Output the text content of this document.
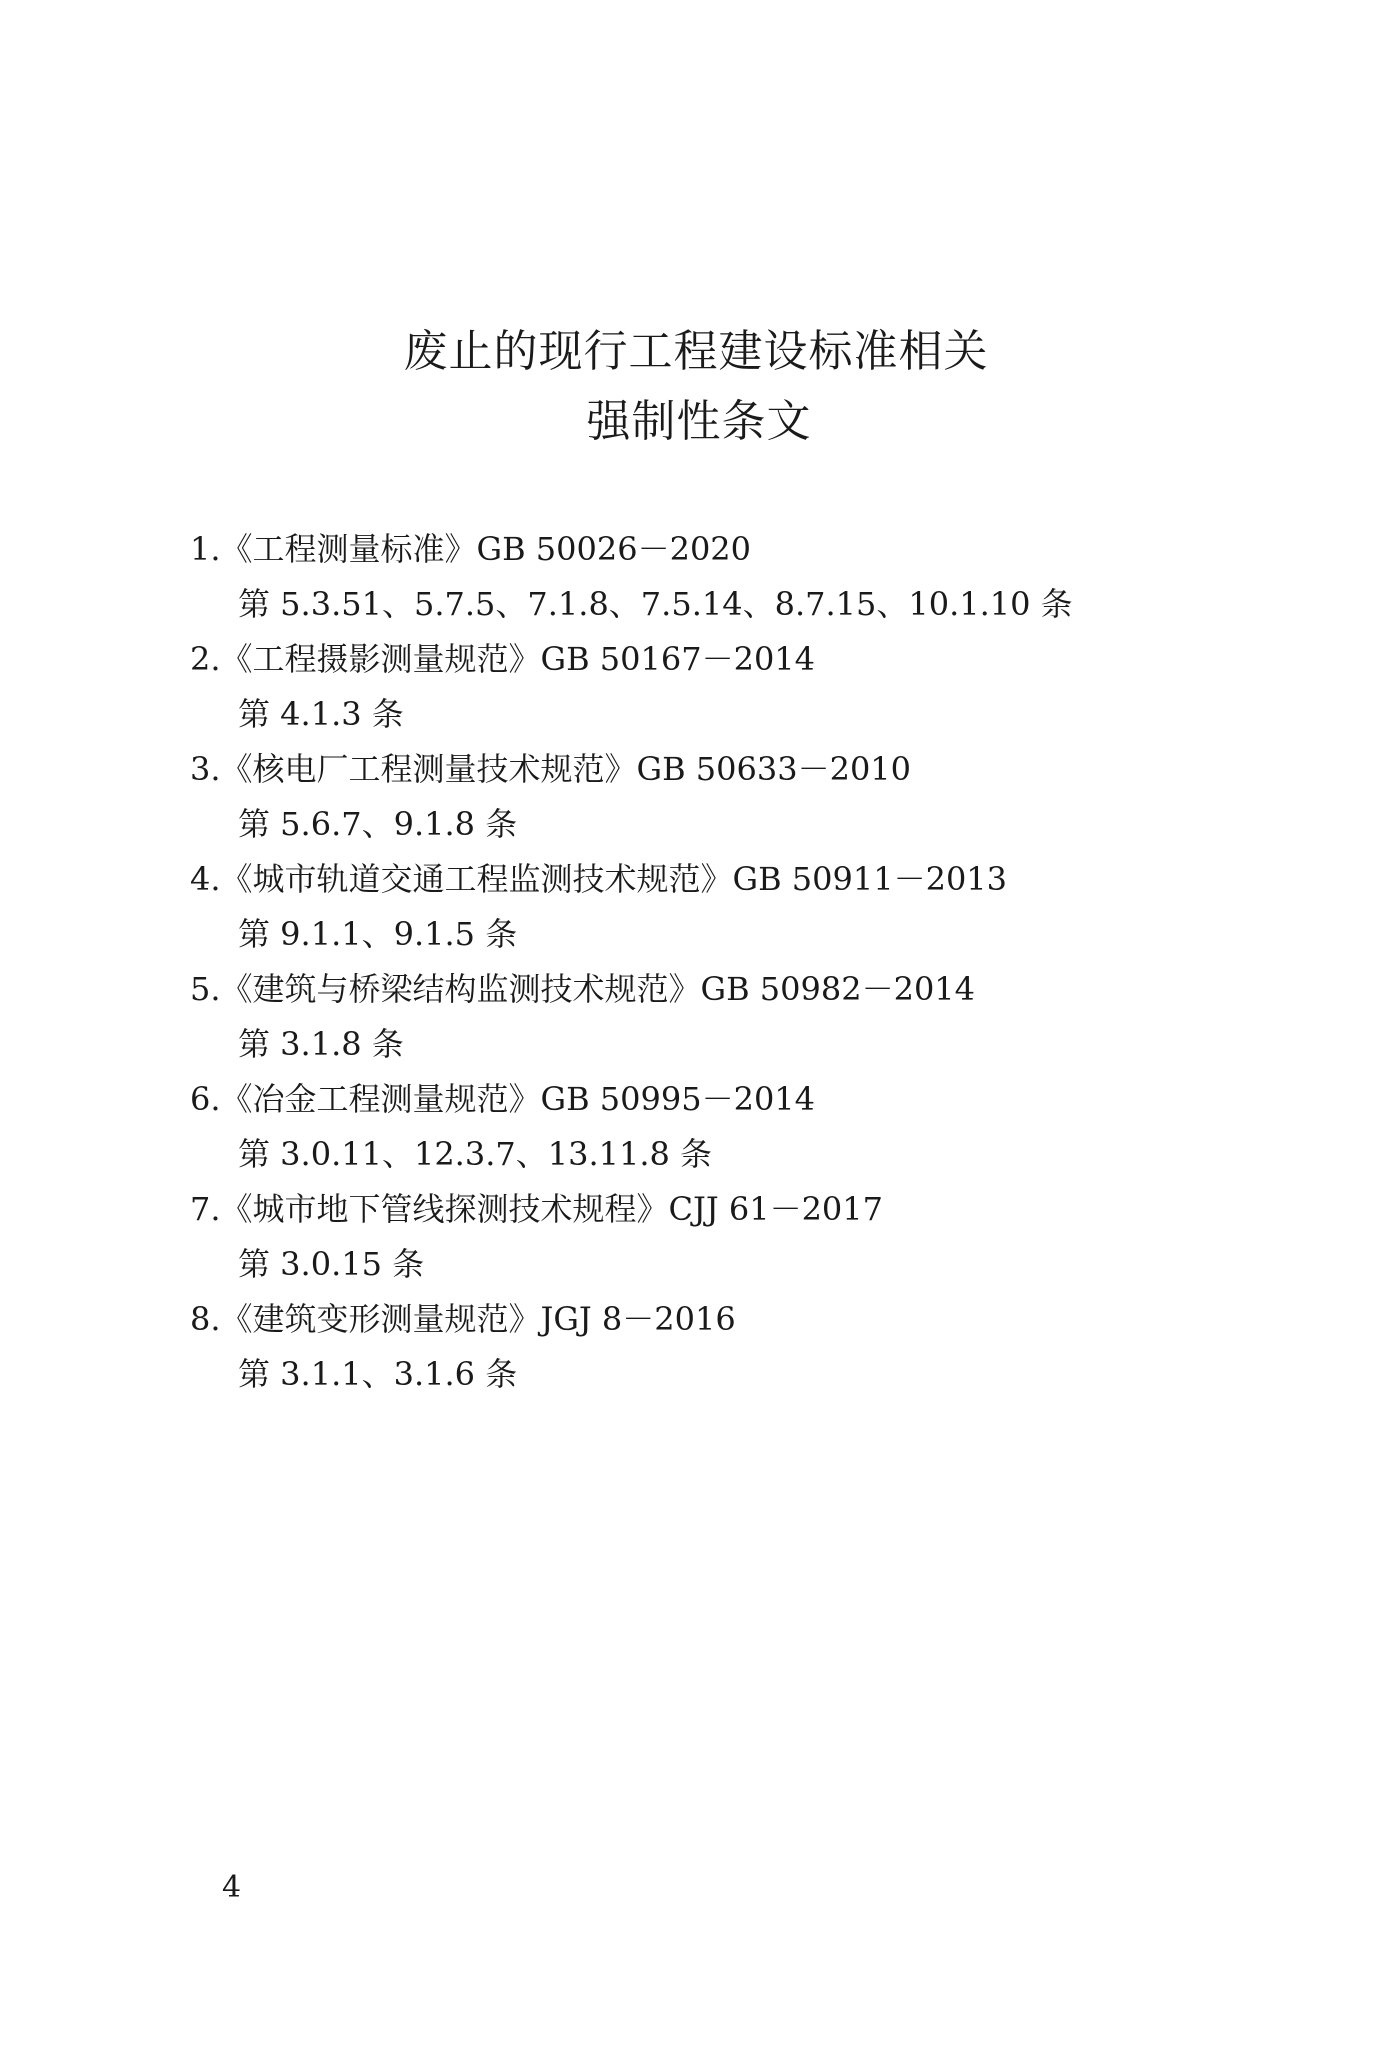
废止的现行工程建设标准相关
强制性条文
1.《工程测量标准》GB 50026－2020
第 5.3.51、5.7.5、7.1.8、7.5.14、8.7.15、10.1.10 条
2.《工程摄影测量规范》GB 50167－2014
第 4.1.3 条
3.《核电厂工程测量技术规范》GB 50633－2010
第 5.6.7、9.1.8 条
4.《城市轨道交通工程监测技术规范》GB 50911－2013
第 9.1.1、9.1.5 条
5.《建筑与桥梁结构监测技术规范》GB 50982－2014
第 3.1.8 条
6.《冶金工程测量规范》GB 50995－2014
第 3.0.11、12.3.7、13.11.8 条
7.《城市地下管线探测技术规程》CJJ 61－2017
第 3.0.15 条
8.《建筑变形测量规范》JGJ 8－2016
第 3.1.1、3.1.6 条
4
